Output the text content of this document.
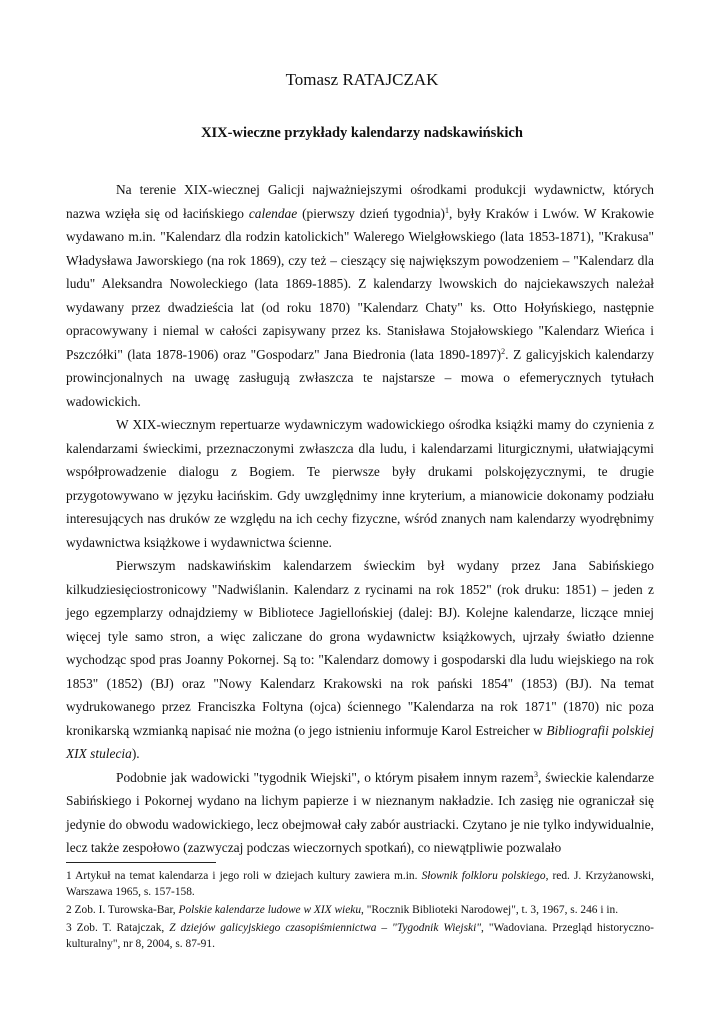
Tomasz RATAJCZAK
XIX-wieczne przykłady kalendarzy nadskawińskich

Na terenie XIX-wiecznej Galicji najważniejszymi ośrodkami produkcji wydawnictw, których nazwa wzięła się od łacińskiego calendae (pierwszy dzień tygodnia)$^1$, były Kraków i Lwów. W Krakowie wydawano m.in. "Kalendarz dla rodzin katolickich" Walerego Wielgłowskiego (lata 1853-1871), "Krakusa" Władysława Jaworskiego (na rok 1869), czy też – cieszący się największym powodzeniem – "Kalendarz dla ludu" Aleksandra Nowoleckiego (lata 1869-1885). Z kalendarzy lwowskich do najciekawszych należał wydawany przez dwadzieścia lat (od roku 1870) "Kalendarz Chaty" ks. Otto Hołyńskiego, następnie opracowywany i niemal w całości zapisywany przez ks. Stanisława Stojałowskiego "Kalendarz Wieńca i Pszczółki" (lata 1878-1906) oraz "Gospodarz" Jana Biedronia (lata 1890-1897)$^2$. Z galicyjskich kalendarzy prowincjonalnych na uwagę zasługują zwłaszcza te najstarsze – mowa o efemerycznych tytułach wadowickich.

W XIX-wiecznym repertuarze wydawniczym wadowickiego ośrodka książki mamy do czynienia z kalendarzami świeckimi, przeznaczonymi zwłaszcza dla ludu, i kalendarzami liturgicznymi, ułatwiającymi współprowadzenie dialogu z Bogiem. Te pierwsze były drukami polskojęzycznymi, te drugie przygotowywano w języku łacińskim. Gdy uwzględnimy inne kryterium, a mianowicie dokonamy podziału interesujących nas druków ze względu na ich cechy fizyczne, wśród znanych nam kalendarzy wyodrębnimy wydawnictwa książkowe i wydawnictwa ścienne.

Pierwszym nadskawińskim kalendarzem świeckim był wydany przez Jana Sabińskiego kilkudziesięciostronicowy "Nadwiślanin. Kalendarz z rycinami na rok 1852" (rok druku: 1851) – jeden z jego egzemplarzy odnajdziemy w Bibliotece Jagiellońskiej (dalej: BJ). Kolejne kalendarze, liczące mniej więcej tyle samo stron, a więc zaliczane do grona wydawnictw książkowych, ujrzały światło dzienne wychodząc spod pras Joanny Pokornej. Są to: "Kalendarz domowy i gospodarski dla ludu wiejskiego na rok 1853" (1852) (BJ) oraz "Nowy Kalendarz Krakowski na rok pański 1854" (1853) (BJ). Na temat wydrukowanego przez Franciszka Foltyna (ojca) ściennego "Kalendarza na rok 1871" (1870) nic poza kronikarską wzmianką napisać nie można (o jego istnieniu informuje Karol Estreicher w Bibliografii polskiej XIX stulecia).

Podobnie jak wadowicki "tygodnik Wiejski", o którym pisałem innym razem$^3$, świeckie kalendarze Sabińskiego i Pokornej wydano na lichym papierze i w nieznanym nakładzie. Ich zasięg nie ograniczał się jedynie do obwodu wadowickiego, lecz obejmował cały zabór austriacki. Czytano je nie tylko indywidualnie, lecz także zespołowo (zazwyczaj podczas wieczornych spotkań), co niewątpliwie pozwalało

1 Artykuł na temat kalendarza i jego roli w dziejach kultury zawiera m.in. Słownik folkloru polskiego, red. J. Krzyżanowski, Warszawa 1965, s. 157-158.

2 Zob. I. Turowska-Bar, Polskie kalendarze ludowe w XIX wieku, "Rocznik Biblioteki Narodowej", t. 3, 1967, s. 246 i in.

3 Zob. T. Ratajczak, Z dziejów galicyjskiego czasopiśmiennictwa – "Tygodnik Wiejski", "Wadoviana. Przegląd historyczno-kulturalny", nr 8, 2004, s. 87-91.
